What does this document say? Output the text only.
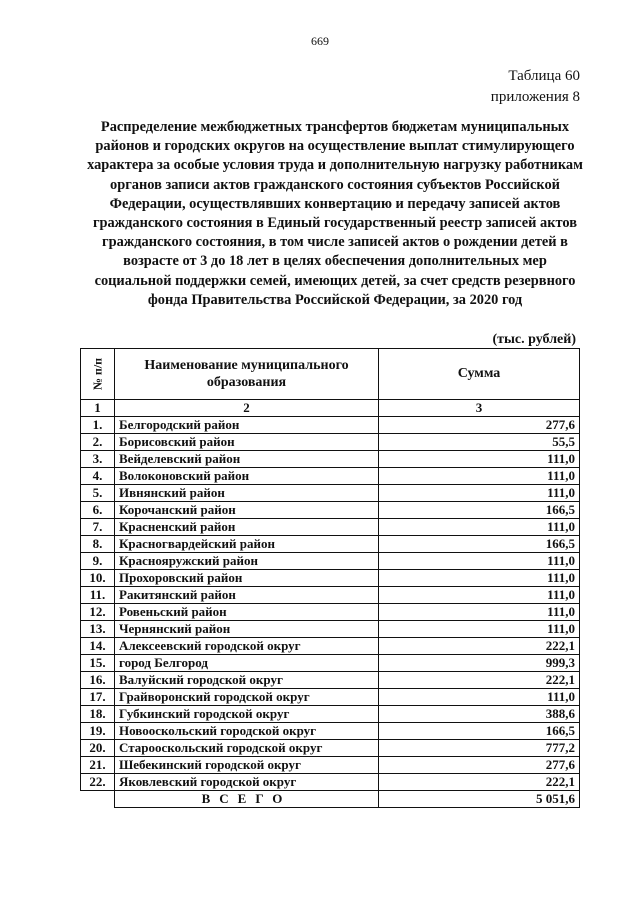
669
Таблица 60
приложения 8
Распределение межбюджетных трансфертов бюджетам муниципальных районов и городских округов на осуществление выплат стимулирующего характера за особые условия труда и дополнительную нагрузку работникам органов записи актов гражданского состояния субъектов Российской Федерации, осуществлявших конвертацию и передачу записей актов гражданского состояния в Единый государственный реестр записей актов гражданского состояния, в том числе записей актов о рождении детей в возрасте от 3 до 18 лет в целях обеспечения дополнительных мер социальной поддержки семей, имеющих детей, за счет средств резервного фонда Правительства Российской Федерации, за 2020 год
(тыс. рублей)
№ п/п	Наименование муниципального образования	Сумма
1	2	3
1.	Белгородский район	277,6
2.	Борисовский район	55,5
3.	Вейделевский район	111,0
4.	Волоконовский район	111,0
5.	Ивнянский район	111,0
6.	Корочанский район	166,5
7.	Красненский район	111,0
8.	Красногвардейский район	166,5
9.	Краснояружский район	111,0
10.	Прохоровский район	111,0
11.	Ракитянский район	111,0
12.	Ровеньский район	111,0
13.	Чернянский район	111,0
14.	Алексеевский городской округ	222,1
15.	город Белгород	999,3
16.	Валуйский городской округ	222,1
17.	Грайворонский городской округ	111,0
18.	Губкинский городской округ	388,6
19.	Новооскольский городской округ	166,5
20.	Старооскольский городской округ	777,2
21.	Шебекинский городской округ	277,6
22.	Яковлевский городской округ	222,1
	ВСЕГО	5 051,6
